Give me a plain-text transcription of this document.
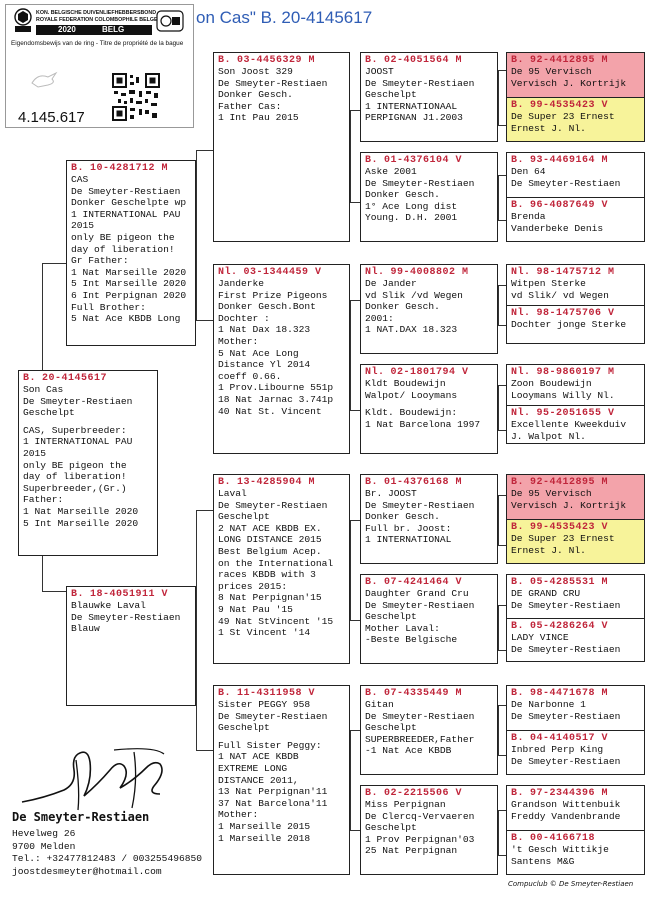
on Cas" B. 20-4145617
KON. BELGISCHE DUIVENLIEFHEBBERSBOND
ROYALE FEDERATION COLOMBOPHILE BELGE
2020	BELG
Eigendomsbewijs van de ring - Titre de propriété de la bague
4.145.617
B. 20-4145617
Son Cas
De Smeyter-Restiaen
Geschelpt
CAS, Superbreeder:
1 INTERNATIONAL PAU
2015
only BE pigeon the
day of liberation!
Superbreeder,(Gr.)
Father:
1 Nat Marseille 2020
5 Int Marseille 2020
B. 10-4281712 M
CAS
De Smeyter-Restiaen
Donker Geschelpte wp
1 INTERNATIONAL PAU
2015
only BE pigeon the
day of liberation!
Gr Father:
1 Nat Marseille 2020
5 Int Marseille 2020
6 Int Perpignan 2020
Full Brother:
5 Nat Ace KBDB Long
B. 18-4051911 V
Blauwke Laval
De Smeyter-Restiaen
Blauw
B. 03-4456329 M
Son Joost 329
De Smeyter-Restiaen
Donker Gesch.
Father Cas:
1 Int Pau 2015
Nl. 03-1344459 V
Janderke
First Prize Pigeons
Donker Gesch.Bont
Dochter :
1 Nat Dax 18.323
Mother:
5 Nat Ace Long
Distance Yl 2014
coeff 0.66.
1 Prov.Libourne 551p
18 Nat Jarnac 3.741p
40 Nat St. Vincent
B. 13-4285904 M
Laval
De Smeyter-Restiaen
Geschelpt
2 NAT ACE KBDB EX.
LONG DISTANCE 2015
Best Belgium Acep.
on the International
races KBDB with 3
prices 2015:
8 Nat Perpignan'15
9 Nat Pau '15
49 Nat StVincent '15
1 St Vincent '14
B. 11-4311958 V
Sister PEGGY 958
De Smeyter-Restiaen
Geschelpt
Full Sister Peggy:
1 NAT ACE KBDB
EXTREME LONG
DISTANCE 2011,
13 Nat Perpignan'11
37 Nat Barcelona'11
Mother:
1 Marseille 2015
1 Marseille 2018
B. 02-4051564 M
JOOST
De Smeyter-Restiaen
Geschelpt
1 INTERNATIONAAL
PERPIGNAN J1.2003
B. 01-4376104 V
Aske 2001
De Smeyter-Restiaen
Donker Gesch.
1° Ace Long dist
Young. D.H. 2001
Nl. 99-4008802 M
De Jander
vd Slik /vd Wegen
Donker Gesch.
2001:
1 NAT.DAX 18.323
Nl. 02-1801794 V
Kldt Boudewijn
Walpot/ Looymans
Kldt. Boudewijn:
1 Nat Barcelona 1997
B. 01-4376168 M
Br. JOOST
De Smeyter-Restiaen
Donker Gesch.
Full br. Joost:
1 INTERNATIONAL
B. 07-4241464 V
Daughter Grand Cru
De Smeyter-Restiaen
Geschelpt
Mother Laval:
-Beste Belgische
B. 07-4335449 M
Gitan
De Smeyter-Restiaen
Geschelpt
SUPERBREEDER,Father
-1 Nat Ace KBDB
B. 02-2215506 V
Miss Perpignan
De Clercq-Vervaeren
Geschelpt
1 Prov Perpignan'03
25 Nat Perpignan
B. 92-4412895 M
De 95 Vervisch
Vervisch J. Kortrijk
B. 99-4535423 V
De Super 23 Ernest
Ernest J. Nl.
B. 93-4469164 M
Den 64
De Smeyter-Restiaen
B. 96-4087649 V
Brenda
Vanderbeke Denis
Nl. 98-1475712 M
Witpen Sterke
vd Slik/ vd Wegen
Nl. 98-1475706 V
Dochter jonge Sterke
Nl. 98-9860197 M
Zoon Boudewijn
Looymans Willy Nl.
Nl. 95-2051655 V
Excellente Kweekduiv
J. Walpot Nl.
B. 92-4412895 M
De 95 Vervisch
Vervisch J. Kortrijk
B. 99-4535423 V
De Super 23 Ernest
Ernest J. Nl.
B. 05-4285531 M
DE GRAND CRU
De Smeyter-Restiaen
B. 05-4286264 V
LADY VINCE
De Smeyter-Restiaen
B. 98-4471678 M
De Narbonne 1
De Smeyter-Restiaen
B. 04-4140517 V
Inbred Perp King
De Smeyter-Restiaen
B. 97-2344396 M
Grandson Wittenbuik
Freddy Vandenbrande
B. 00-4166718
't Gesch Wittikje
Santens M&G
De Smeyter-Restiaen
Hevelweg 26
9700 Melden
Tel.: +32477812483 / 003255496850
joostdesmeyter@hotmail.com
Compuclub © De Smeyter-Restiaen
